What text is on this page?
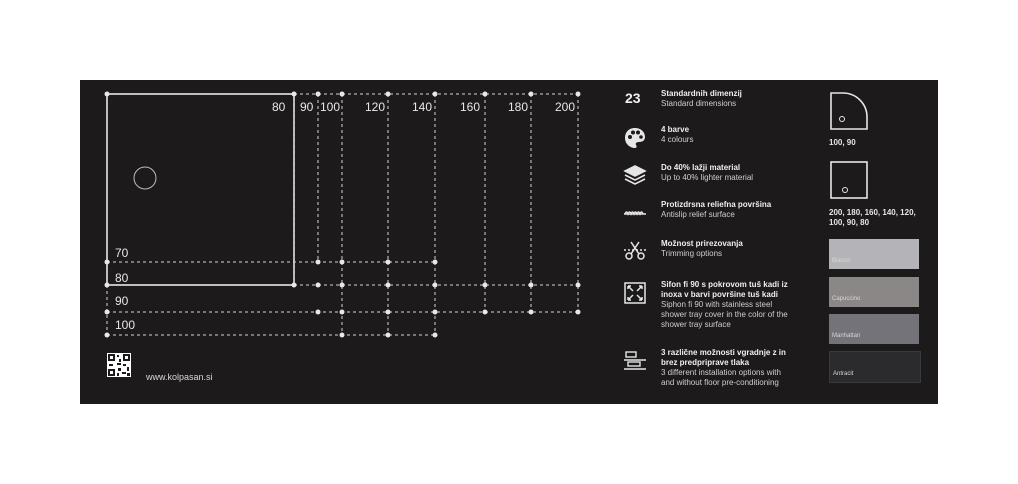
80 90 100 120 140 160 180 200
70
80
90
100
www.kolpasan.si
23	Standardnih dimenzij
Standard dimensions
4 barve
4 colours
Do 40% lažji material
Up to 40% lighter material
Protizdrsna reliefna površina
Antislip relief surface
Možnost prirezovanja
Trimming options
Sifon fi 90 s pokrovom tuš kadi iz inoxa v barvi površine tuš kadi
Siphon fi 90 with stainless steel shower tray cover in the color of the shower tray surface
3 različne možnosti vgradnje z in brez predpriprave tlaka
3 different installation options with and without floor pre-conditioning
100, 90
200, 180, 160, 140, 120, 100, 90, 80
Bianco
Capuccino
Manhattan
Antracit
